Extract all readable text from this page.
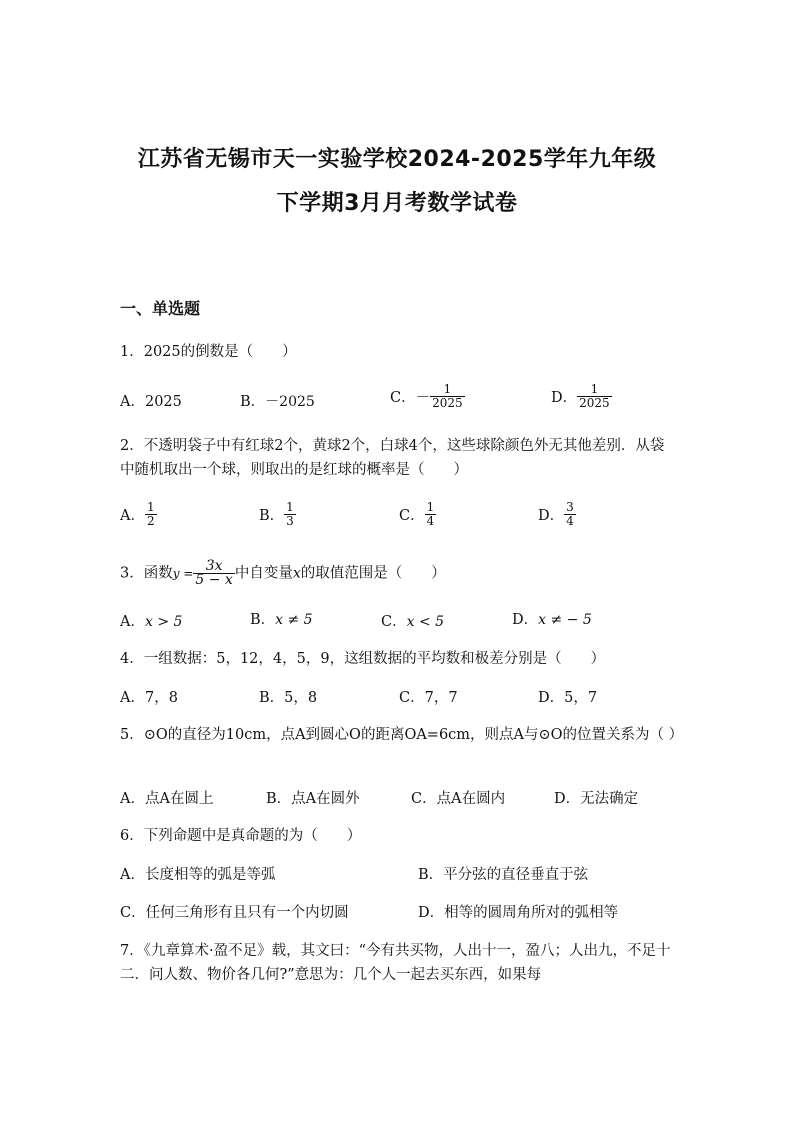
江苏省无锡市天一实验学校2024-2025学年九年级
下学期3月月考数学试卷
一、单选题
1．2025的倒数是（　　）
A．2025	B．－2025	C．－ $\frac{1}{2025}$	D． $\frac{1}{2025}$
2．不透明袋子中有红球2个，黄球2个，白球4个，这些球除颜色外无其他差别．从袋中随机取出一个球，则取出的是红球的概率是（　　）
A． $\frac{1}{2}$	B． $\frac{1}{3}$	C． $\frac{1}{4}$	D． $\frac{3}{4}$
3．函数$y = \frac{3x}{5 - x}$ 中自变量x的取值范围是（　　）
A．x > 5	B．x ≠ 5	C．x < 5	D．x ≠ − 5
4．一组数据：5，12，4，5，9，这组数据的平均数和极差分别是（　　）
A．7，8	B．5，8	C．7，7	D．5，7
5．⊙O的直径为10cm，点A到圆心O的距离OA=6cm，则点A与⊙O的位置关系为（ ）
A．点A在圆上	B．点A在圆外	C．点A在圆内	D．无法确定
6．下列命题中是真命题的为（　　）
A．长度相等的弧是等弧	B．平分弦的直径垂直于弦
C．任何三角形有且只有一个内切圆	D．相等的圆周角所对的弧相等
7．《九章算术·盈不足》载，其文曰：“今有共买物，人出十一，盈八；人出九，不足十二．问人数、物价各几何?”意思为：几个人一起去买东西，如果每
